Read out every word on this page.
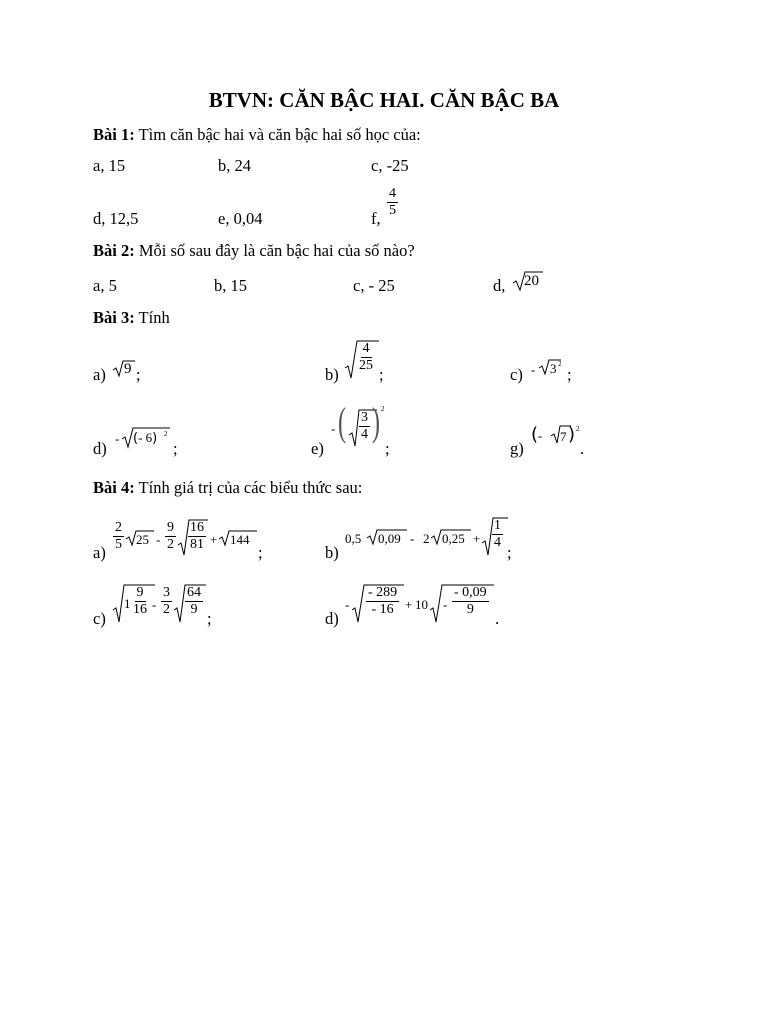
BTVN: CĂN BẬC HAI. CĂN BẬC BA
Bài 1: Tìm căn bậc hai và căn bậc hai số học của:
a, 15	b, 24	c, -25
d, 12,5	e, 0,04	f,
$\frac{4}{5}$
Bài 2: Mỗi số sau đây là căn bậc hai của số nào?
a, 5	b, 15	c, - 25	d, 20
Bài 3: Tính
a) 9 ;	b)
$\frac{4}{25}$
;	c) - 3 2
;
d)
- (- 6) 2
;	e)
- ( $\frac{3}{4}$ ) 2
;	g)
(- 7 ) 2
.
Bài 4: Tính giá trị của các biểu thức sau:
a)
$\frac{2}{5} 25 - \frac{9}{2} \frac{16}{81} + 144$
;	b)
0,5 0,09 - 2 $0,25 + \frac{1}{4}$
;
c)
$1 \frac{9}{16} - \frac{3}{2} \frac{64}{9}$
;	d)
- $\frac{- 289}{- 16} + 10 - \frac{- 0,09}{9}$
.
